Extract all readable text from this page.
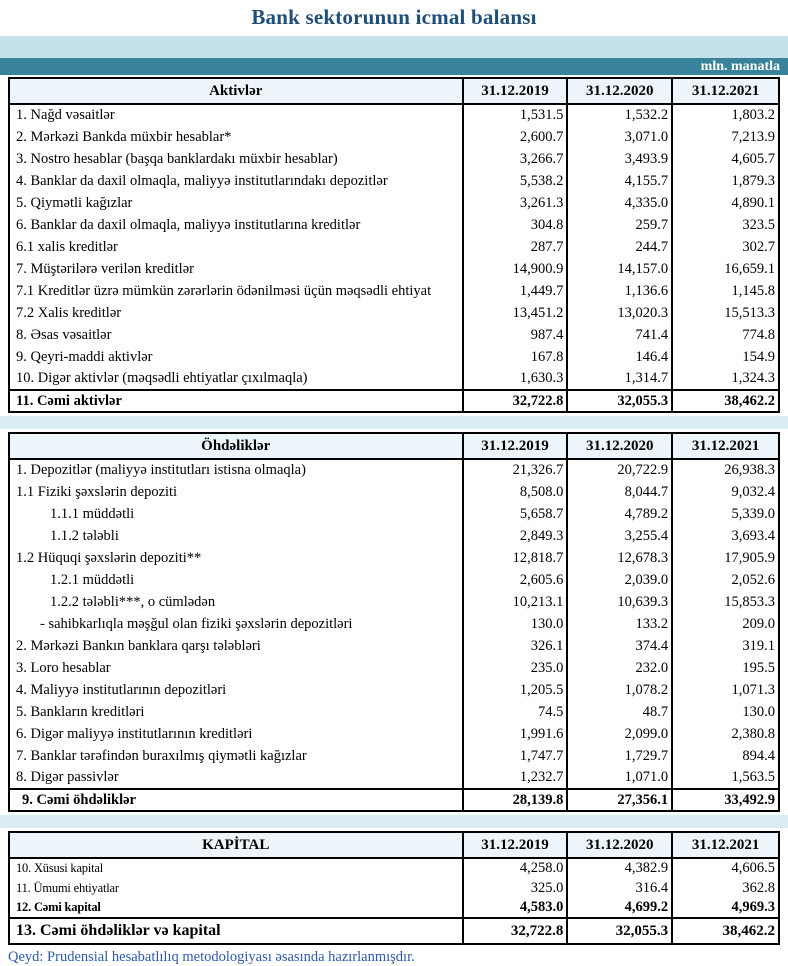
Bank sektorunun icmal balansı
mln. manatla
Aktivlər	31.12.2019	31.12.2020	31.12.2021
1. Nağd vəsaitlər	1,531.5	1,532.2	1,803.2
2. Mərkəzi Bankda müxbir hesablar*	2,600.7	3,071.0	7,213.9
3. Nostro hesablar (başqa banklardakı müxbir hesablar)	3,266.7	3,493.9	4,605.7
4. Banklar da daxil olmaqla, maliyyə institutlarındakı depozitlər	5,538.2	4,155.7	1,879.3
5. Qiymətli kağızlar	3,261.3	4,335.0	4,890.1
6. Banklar da daxil olmaqla, maliyyə institutlarına kreditlər	304.8	259.7	323.5
6.1 xalis kreditlər	287.7	244.7	302.7
7. Müştərilərə verilən kreditlər	14,900.9	14,157.0	16,659.1
7.1 Kreditlər üzrə mümkün zərərlərin ödənilməsi üçün məqsədli ehtiyat	1,449.7	1,136.6	1,145.8
7.2 Xalis kreditlər	13,451.2	13,020.3	15,513.3
8. Əsas vəsaitlər	987.4	741.4	774.8
9. Qeyri-maddi aktivlər	167.8	146.4	154.9
10. Digər aktivlər (məqsədli ehtiyatlar çıxılmaqla)	1,630.3	1,314.7	1,324.3
11. Cəmi aktivlər	32,722.8	32,055.3	38,462.2
Öhdəliklər	31.12.2019	31.12.2020	31.12.2021
1. Depozitlər (maliyyə institutları istisna olmaqla)	21,326.7	20,722.9	26,938.3
1.1 Fiziki şəxslərin depoziti	8,508.0	8,044.7	9,032.4
1.1.1 müddətli	5,658.7	4,789.2	5,339.0
1.1.2 tələbli	2,849.3	3,255.4	3,693.4
1.2 Hüquqi şəxslərin depoziti**	12,818.7	12,678.3	17,905.9
1.2.1 müddətli	2,605.6	2,039.0	2,052.6
1.2.2 tələbli***, o cümlədən	10,213.1	10,639.3	15,853.3
- sahibkarlıqla məşğul olan fiziki şəxslərin depozitləri	130.0	133.2	209.0
2. Mərkəzi Bankın banklara qarşı tələbləri	326.1	374.4	319.1
3. Loro hesablar	235.0	232.0	195.5
4. Maliyyə institutlarının depozitləri	1,205.5	1,078.2	1,071.3
5. Bankların kreditləri	74.5	48.7	130.0
6. Digər maliyyə institutlarının kreditləri	1,991.6	2,099.0	2,380.8
7. Banklar tərəfindən buraxılmış qiymətli kağızlar	1,747.7	1,729.7	894.4
8. Digər passivlər	1,232.7	1,071.0	1,563.5
9. Cəmi öhdəliklər	28,139.8	27,356.1	33,492.9
KAPİTAL	31.12.2019	31.12.2020	31.12.2021
10. Xüsusi kapital	4,258.0	4,382.9	4,606.5
11. Ümumi ehtiyatlar	325.0	316.4	362.8
12. Cəmi kapital	4,583.0	4,699.2	4,969.3
13. Cəmi öhdəliklər və kapital	32,722.8	32,055.3	38,462.2
Qeyd: Prudensial hesabatlılıq metodologiyası əsasında hazırlanmışdır.
